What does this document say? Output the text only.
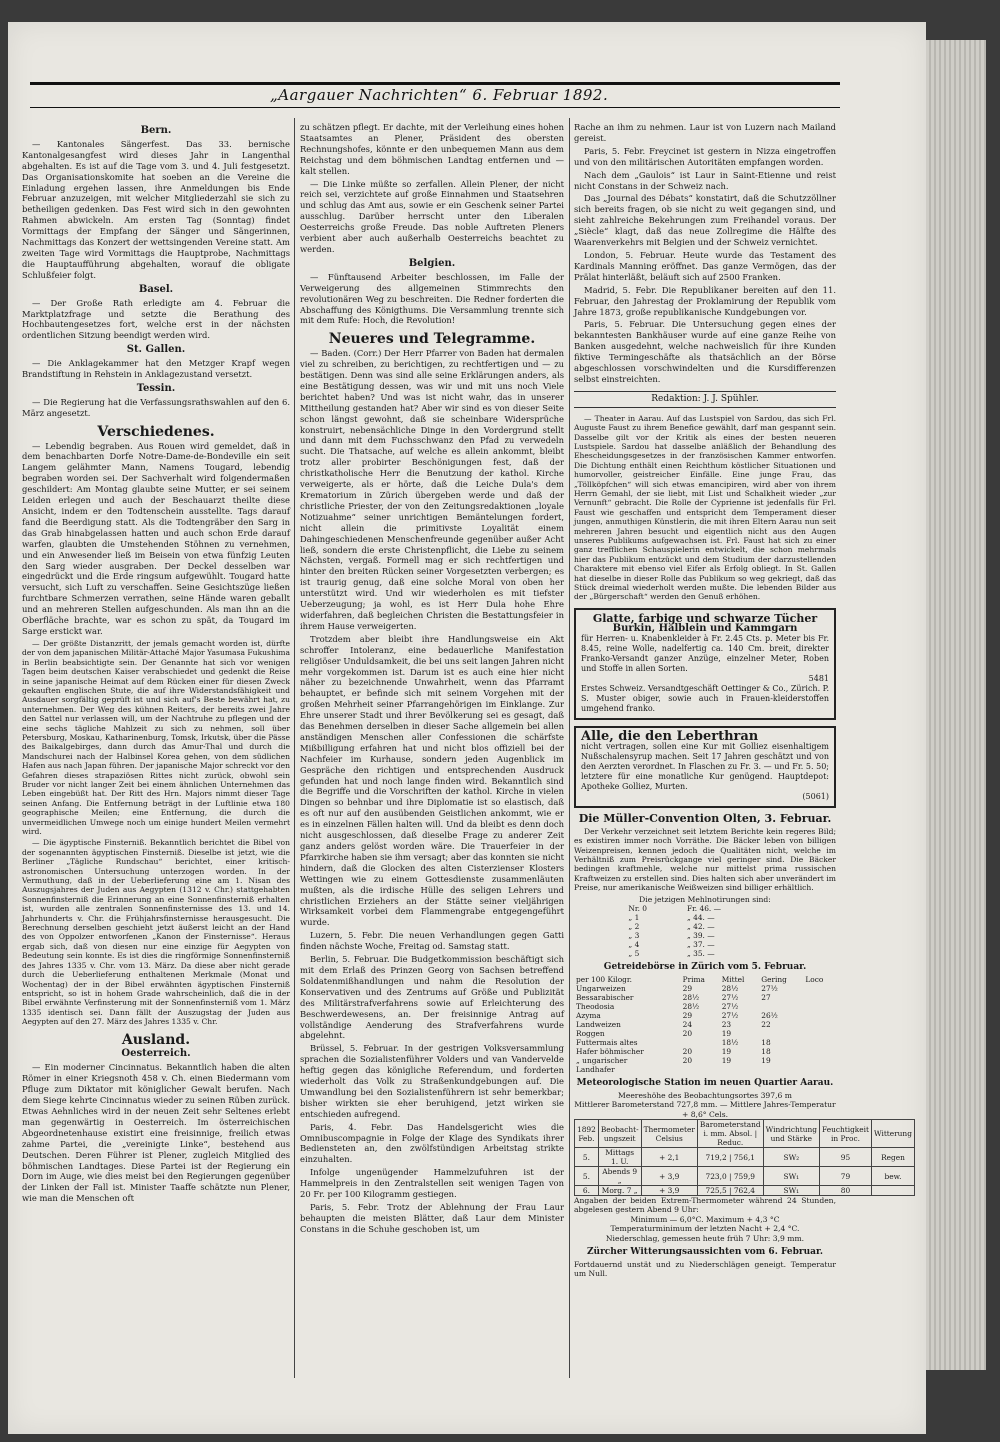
„Aargauer Nachrichten“ 6. Februar 1892.
Bern.

— Kantonales Sängerfest. Das 33. bernische Kantonalgesangfest wird dieses Jahr in Langenthal abgehalten. Es ist auf die Tage vom 3. und 4. Juli festgesetzt. Das Organisationskomite hat soeben an die Vereine die Einladung ergehen lassen, ihre Anmeldungen bis Ende Februar anzuzeigen, mit welcher Mitgliederzahl sie sich zu betheiligen gedenken. Das Fest wird sich in den gewohnten Rahmen abwickeln. Am ersten Tag (Sonntag) findet Vormittags der Empfang der Sänger und Sängerinnen, Nachmittags das Konzert der wettsingenden Vereine statt. Am zweiten Tage wird Vormittags die Hauptprobe, Nachmittags die Hauptaufführung abgehalten, worauf die obligate Schlußfeier folgt.

Basel.

— Der Große Rath erledigte am 4. Februar die Marktplatzfrage und setzte die Berathung des Hochbautengesetzes fort, welche erst in der nächsten ordentlichen Sitzung beendigt werden wird.

St. Gallen.

— Die Anklagekammer hat den Metzger Krapf wegen Brandstiftung in Rehstein in Anklagezustand versetzt.

Tessin.

— Die Regierung hat die Verfassungsrathswahlen auf den 6. März angesetzt.

Verschiedenes.

— Lebendig begraben. Aus Rouen wird gemeldet, daß in dem benachbarten Dorfe Notre-Dame-de-Bondeville ein seit Langem gelähmter Mann, Namens Tougard, lebendig begraben worden sei. Der Sachverhalt wird folgendermaßen geschildert: Am Montag glaubte seine Mutter, er sei seinem Leiden erlegen und auch der Beschauarzt theilte diese Ansicht, indem er den Todtenschein ausstellte. Tags darauf fand die Beerdigung statt. Als die Todtengräber den Sarg in das Grab hinabgelassen hatten und auch schon Erde darauf warfen, glaubten die Umstehenden Stöhnen zu vernehmen, und ein Anwesender ließ im Beisein von etwa fünfzig Leuten den Sarg wieder ausgraben. Der Deckel desselben war eingedrückt und die Erde ringsum aufgewühlt. Tougard hatte versucht, sich Luft zu verschaffen. Seine Gesichtszüge ließen furchtbare Schmerzen verrathen, seine Hände waren geballt und an mehreren Stellen aufgeschunden. Als man ihn an die Oberfläche brachte, war es schon zu spät, da Tougard im Sarge erstickt war.

— Der größte Distanzritt, der jemals gemacht worden ist, dürfte der von dem japanischen Militär-Attaché Major Yasumasa Fukushima in Berlin beabsichtigte sein. Der Genannte hat sich vor wenigen Tagen beim deutschen Kaiser verabschiedet und gedenkt die Reise in seine japanische Heimat auf dem Rücken einer für diesen Zweck gekauften englischen Stute, die auf ihre Widerstandsfähigkeit und Ausdauer sorgfältig geprüft ist und sich auf's Beste bewährt hat, zu unternehmen. Der Weg des kühnen Reiters, der bereits zwei Jahre den Sattel nur verlassen will, um der Nachtruhe zu pflegen und der eine sechs tägliche Mahlzeit zu sich zu nehmen, soll über Petersburg, Moskau, Katharinenburg, Tomsk, Irkutsk, über die Pässe des Baikalgebirges, dann durch das Amur-Thal und durch die Mandschurei nach der Halbinsel Korea gehen, von dem südlichen Hafen aus nach Japan führen. Der japanische Major schreckt vor den Gefahren dieses strapaziösen Rittes nicht zurück, obwohl sein Bruder vor nicht langer Zeit bei einem ähnlichen Unternehmen das Leben eingebüßt hat. Der Ritt des Hrn. Majors nimmt dieser Tage seinen Anfang. Die Entfernung beträgt in der Luftlinie etwa 180 geographische Meilen; eine Entfernung, die durch die unvermeidlichen Umwege noch um einige hundert Meilen vermehrt wird.

— Die ägyptische Finsterniß. Bekanntlich berichtet die Bibel von der sogenannten ägyptischen Finsterniß. Dieselbe ist jetzt, wie die Berliner „Tägliche Rundschau“ berichtet, einer kritisch-astronomischen Untersuchung unterzogen worden. In der Vermuthung, daß in der Ueberlieferung eine am 1. Nisan des Auszugsjahres der Juden aus Aegypten (1312 v. Chr.) stattgehabten Sonnenfinsterniß die Erinnerung an eine Sonnenfinsterniß erhalten ist, wurden alle zentralen Sonnenfinsternisse des 13. und 14. Jahrhunderts v. Chr. die Frühjahrsfinsternisse herausgesucht. Die Berechnung derselben geschieht jetzt äußerst leicht an der Hand des von Oppolzer entworfenen „Kanon der Finsternisse“. Heraus ergab sich, daß von diesen nur eine einzige für Aegypten von Bedeutung sein konnte. Es ist dies die ringförmige Sonnenfinsterniß des Jahres 1335 v. Chr. vom 13. März. Da diese aber nicht gerade durch die Ueberlieferung enthaltenen Merkmale (Monat und Wochentag) der in der Bibel erwähnten ägyptischen Finsterniß entspricht, so ist in hohem Grade wahrscheinlich, daß die in der Bibel erwähnte Verfinsterung mit der Sonnenfinsterniß vom 1. März 1335 identisch sei. Dann fällt der Auszugstag der Juden aus Aegypten auf den 27. März des Jahres 1335 v. Chr.

Ausland.
Oesterreich.

— Ein moderner Cincinnatus. Bekanntlich haben die alten Römer in einer Kriegsnoth 458 v. Ch. einen Biedermann vom Pfluge zum Diktator mit königlicher Gewalt berufen. Nach dem Siege kehrte Cincinnatus wieder zu seinen Rüben zurück. Etwas Aehnliches wird in der neuen Zeit sehr Seltenes erlebt man gegenwärtig in Oesterreich. Im österreichischen Abgeordnetenhause existirt eine freisinnige, freilich etwas zahme Partei, die „vereinigte Linke“, bestehend aus Deutschen. Deren Führer ist Plener, zugleich Mitglied des böhmischen Landtages. Diese Partei ist der Regierung ein Dorn im Auge, wie dies meist bei den Regierungen gegenüber der Linken der Fall ist. Minister Taaffe schätzte nun Plener, wie man die Menschen oft

zu schätzen pflegt. Er dachte, mit der Verleihung eines hohen Staatsamtes an Plener, Präsident des obersten Rechnungshofes, könnte er den unbequemen Mann aus dem Reichstag und dem böhmischen Landtag entfernen und — kalt stellen.

— Die Linke müßte so zerfallen. Allein Plener, der nicht reich sei, verzichtete auf große Einnahmen und Staatsehren und schlug das Amt aus, sowie er ein Geschenk seiner Partei ausschlug. Darüber herrscht unter den Liberalen Oesterreichs große Freude. Das noble Auftreten Pleners verbient aber auch außerhalb Oesterreichs beachtet zu werden.

Belgien.

— Fünftausend Arbeiter beschlossen, im Falle der Verweigerung des allgemeinen Stimmrechts den revolutionären Weg zu beschreiten. Die Redner forderten die Abschaffung des Königthums. Die Versammlung trennte sich mit dem Rufe: Hoch, die Revolution!

Neueres und Telegramme.

— Baden. (Corr.) Der Herr Pfarrer von Baden hat dermalen viel zu schreiben, zu berichtigen, zu rechtfertigen und — zu bestätigen. Denn was sind alle seine Erklärungen anders, als eine Bestätigung dessen, was wir und mit uns noch Viele berichtet haben? Und was ist nicht wahr, das in unserer Mittheilung gestanden hat? Aber wir sind es von dieser Seite schon längst gewohnt, daß sie scheinbare Widersprüche konstruirt, nebensächliche Dinge in den Vordergrund stellt und dann mit dem Fuchsschwanz den Pfad zu verwedeln sucht. Die Thatsache, auf welche es allein ankommt, bleibt trotz aller probirter Beschönigungen fest, daß der christkatholische Herr die Benutzung der kathol. Kirche verweigerte, als er hörte, daß die Leiche Dula's dem Krematorium in Zürich übergeben werde und daß der christliche Priester, der von den Zeitungsredaktionen „loyale Notizuahme“ seiner unrichtigen Bemäntelungen fordert, nicht allein die primitivste Loyalität einem Dahingeschiedenen Menschenfreunde gegenüber außer Acht ließ, sondern die erste Christenpflicht, die Liebe zu seinem Nächsten, vergaß. Formell mag er sich rechtfertigen und hinter den breiten Rücken seiner Vorgesetzten verbergen; es ist traurig genug, daß eine solche Moral von oben her unterstützt wird. Und wir wiederholen es mit tiefster Ueberzeugung; ja wohl, es ist Herr Dula hohe Ehre widerfahren, daß begleichen Christen die Bestattungsfeier in ihrem Hause verweigerten.

Trotzdem aber bleibt ihre Handlungsweise ein Akt schroffer Intoleranz, eine bedauerliche Manifestation religiöser Unduldsamkeit, die bei uns seit langen Jahren nicht mehr vorgekommen ist. Darum ist es auch eine hier nicht näher zu bezeichnende Unwahrheit, wenn das Pfarramt behauptet, er befinde sich mit seinem Vorgehen mit der großen Mehrheit seiner Pfarrangehörigen im Einklange. Zur Ehre unserer Stadt und ihrer Bevölkerung sei es gesagt, daß das Benehmen derselben in dieser Sache allgemein bei allen anständigen Menschen aller Confessionen die schärfste Mißbilligung erfahren hat und nicht blos offiziell bei der Nachfeier im Kurhause, sondern jeden Augenblick im Gespräche den richtigen und entsprechenden Ausdruck gefunden hat und noch lange finden wird. Bekanntlich sind die Begriffe und die Vorschriften der kathol. Kirche in vielen Dingen so behnbar und ihre Diplomatie ist so elastisch, daß es oft nur auf den ausübenden Geistlichen ankommt, wie er es in einzelnen Fällen halten will. Und da bleibt es denn doch nicht ausgeschlossen, daß dieselbe Frage zu anderer Zeit ganz anders gelöst worden wäre. Die Trauerfeier in der Pfarrkirche haben sie ihm versagt; aber das konnten sie nicht hindern, daß die Glocken des alten Cisterzienser Klosters Wettingen wie zu einem Gottesdienste zusammenläuten mußten, als die irdische Hülle des seligen Lehrers und christlichen Erziehers an der Stätte seiner vieljährigen Wirksamkeit vorbei dem Flammengrabe entgegengeführt wurde.

Luzern, 5. Febr. Die neuen Verhandlungen gegen Gatti finden nächste Woche, Freitag od. Samstag statt.

Berlin, 5. Februar. Die Budgetkommission beschäftigt sich mit dem Erlaß des Prinzen Georg von Sachsen betreffend Soldatenmißhandlungen und nahm die Resolution der Konservativen und des Zentrums auf Größe und Publizität des Militärstrafverfahrens sowie auf Erleichterung des Beschwerdewesens, an. Der freisinnige Antrag auf vollständige Aenderung des Strafverfahrens wurde abgelehnt.

Brüssel, 5. Februar. In der gestrigen Volksversammlung sprachen die Sozialistenführer Volders und van Vandervelde heftig gegen das königliche Referendum, und forderten wiederholt das Volk zu Straßenkundgebungen auf. Die Umwandlung bei den Sozialistenführern ist sehr bemerkbar; bisher wirkten sie eher beruhigend, jetzt wirken sie entschieden aufregend.

Paris, 4. Febr. Das Handelsgericht wies die Omnibuscompagnie in Folge der Klage des Syndikats ihrer Bediensteten an, den zwölfstündigen Arbeitstag strikte einzuhalten.

Infolge ungenügender Hammelzufuhren ist der Hammelpreis in den Zentralstellen seit wenigen Tagen von 20 Fr. per 100 Kilogramm gestiegen.

Paris, 5. Febr. Trotz der Ablehnung der Frau Laur behaupten die meisten Blätter, daß Laur dem Minister Constans in die Schuhe geschoben ist, um

Rache an ihm zu nehmen. Laur ist von Luzern nach Mailand gereist.

Paris, 5. Febr. Freycinet ist gestern in Nizza eingetroffen und von den militärischen Autoritäten empfangen worden.

Nach dem „Gaulois“ ist Laur in Saint-Etienne und reist nicht Constans in der Schweiz nach.

Das „Journal des Débats“ konstatirt, daß die Schutzzöllner sich bereits fragen, ob sie nicht zu weit gegangen sind, und sieht zahlreiche Bekehrungen zum Freihandel voraus. Der „Siècle“ klagt, daß das neue Zollregime die Hälfte des Waarenverkehrs mit Belgien und der Schweiz vernichtet.

London, 5. Februar. Heute wurde das Testament des Kardinals Manning eröffnet. Das ganze Vermögen, das der Prälat hinterläßt, beläuft sich auf 2500 Franken.

Madrid, 5. Febr. Die Republikaner bereiten auf den 11. Februar, den Jahrestag der Proklamirung der Republik vom Jahre 1873, große republikanische Kundgebungen vor.

Paris, 5. Februar. Die Untersuchung gegen eines der bekanntesten Bankhäuser wurde auf eine ganze Reihe von Banken ausgedehnt, welche nachweislich für ihre Kunden fiktive Termingeschäfte als thatsächlich an der Börse abgeschlossen vorschwindelten und die Kursdifferenzen selbst einstreichten.

Redaktion: J. J. Spühler.

— Theater in Aarau. Auf das Lustspiel von Sardou, das sich Frl. Auguste Faust zu ihrem Benefice gewählt, darf man gespannt sein. Dasselbe gilt vor der Kritik als eines der besten neueren Lustspiele. Sardou hat dasselbe anläßlich der Behandlung des Ehescheidungsgesetzes in der französischen Kammer entworfen. Die Dichtung enthält einen Reichthum köstlicher Situationen und humorvoller, geistreicher Einfälle. Eine junge Frau, das „Töllköpfchen“ will sich etwas emancipiren, wird aber von ihrem Herrn Gemahl, der sie liebt, mit List und Schalkheit wieder „zur Vernunft“ gebracht. Die Rolle der Cyprienne ist jedenfalls für Frl. Faust wie geschaffen und entspricht dem Temperament dieser jungen, anmuthigen Künstlerin, die mit ihren Eltern Aarau nun seit mehreren Jahren besucht und eigentlich nicht aus den Augen unseres Publikums aufgewachsen ist. Frl. Faust hat sich zu einer ganz trefflichen Schauspielerin entwickelt, die schon mehrmals hier das Publikum entzückt und dem Studium der darzustellenden Charaktere mit ebenso viel Eifer als Erfolg obliegt. In St. Gallen hat dieselbe in dieser Rolle das Publikum so weg gekriegt, daß das Stück dreimal wiederholt werden mußte. Die lebenden Bilder aus der „Bürgerschaft“ werden den Genuß erhöhen.

Glatte, farbige und schwarze Tücher
Burkin, Halblein und Kammgarn
für Herren- u. Knabenkleider à Fr. 2.45 Cts. p. Meter bis Fr. 8.45, reine Wolle, nadelfertig ca. 140 Cm. breit, direkter Franko-Versandt ganzer Anzüge, einzelner Meter, Roben und Stoffe in allen Sorten.
5481
Erstes Schweiz. Versandtgeschäft Oettinger & Co., Zürich. P. S. Muster obiger, sowie auch in Frauen-kleiderstoffen umgehend franko.
Alle, die den Leberthran
nicht vertragen, sollen eine Kur mit Golliez eisenhaltigem Nußschalensyrup machen. Seit 17 Jahren geschätzt und von den Aerzten verordnet. In Flaschen zu Fr. 3. — und Fr. 5. 50; letztere für eine monatliche Kur genügend. Hauptdepot: Apotheke Golliez, Murten.
(5061)
Die Müller-Convention Olten, 3. Februar.

Der Verkehr verzeichnet seit letztem Berichte kein regeres Bild; es existiren immer noch Vorräthe. Die Bäcker leben von billigen Weizenpreisen, kennen jedoch die Qualitäten nicht, welche im Verhältniß zum Preisrückgange viel geringer sind. Die Bäcker bedingen kraftmehle, welche nur mittelst prima russischen Kraftweizen zu erstellen sind. Dies halten sich aber unverändert im Preise, nur amerikanische Weißweizen sind billiger erhältlich.

Die jetzigen Mehlnotirungen sind:
Nr. 0	Fr. 46. —
„ 1	„ 44. —
„ 2	„ 42. —
„ 3	„ 39. —
„ 4	„ 37. —
„ 5	„ 35. —
Getreidebörse in Zürich vom 5. Februar.
per 100 Kilogr.	Prima	Mittel	Gering	Loco
Ungarweizen	29	28½	27½	
Bessarabischer	28½	27½	27	
Theodosia	28½	27½		
Azyma	29	27½	26½	
Landweizen	24	23	22	
Roggen	20	19		
Futtermais altes		18½	18	
Hafer böhmischer	20	19	18	
„ ungarischer	20	19	19	
Landhafer				
Meteorologische Station im neuen Quartier Aarau.
Meereshöhe des Beobachtungsortes 397,6 m
Mittlerer Barometerstand 727,8 mm. — Mittlere Jahres-Temperatur + 8,6° Cels.
1892 Feb.	Beobacht-ungszeit	Thermometer Celsius	Barometerstand i. mm. Absol. | Reduc.	Windrichtung und Stärke	Feuchtigkeit in Proc.	Witterung
5.	Mittags 1. U.	+ 2,1	719,2 | 756,1	SW₂	95	Regen
5.	Abends 9 „	+ 3,9	723,0 | 759,9	SW₁	79	bew.
6.	Morg. 7 „	+ 3,9	725,5 | 762,4	SW₁	80	
Angaben der beiden Extrem-Thermometer während 24 Stunden, abgelesen gestern Abend 9 Uhr:
Minimum — 6,0°C. Maximum + 4,3 °C
Temperaturminimum der letzten Nacht + 2,4 °C.
Niederschlag, gemessen heute früh 7 Uhr: 3,9 mm.
Zürcher Witterungsaussichten vom 6. Februar.
Fortdauernd unstät und zu Niederschlägen geneigt. Temperatur um Null.
